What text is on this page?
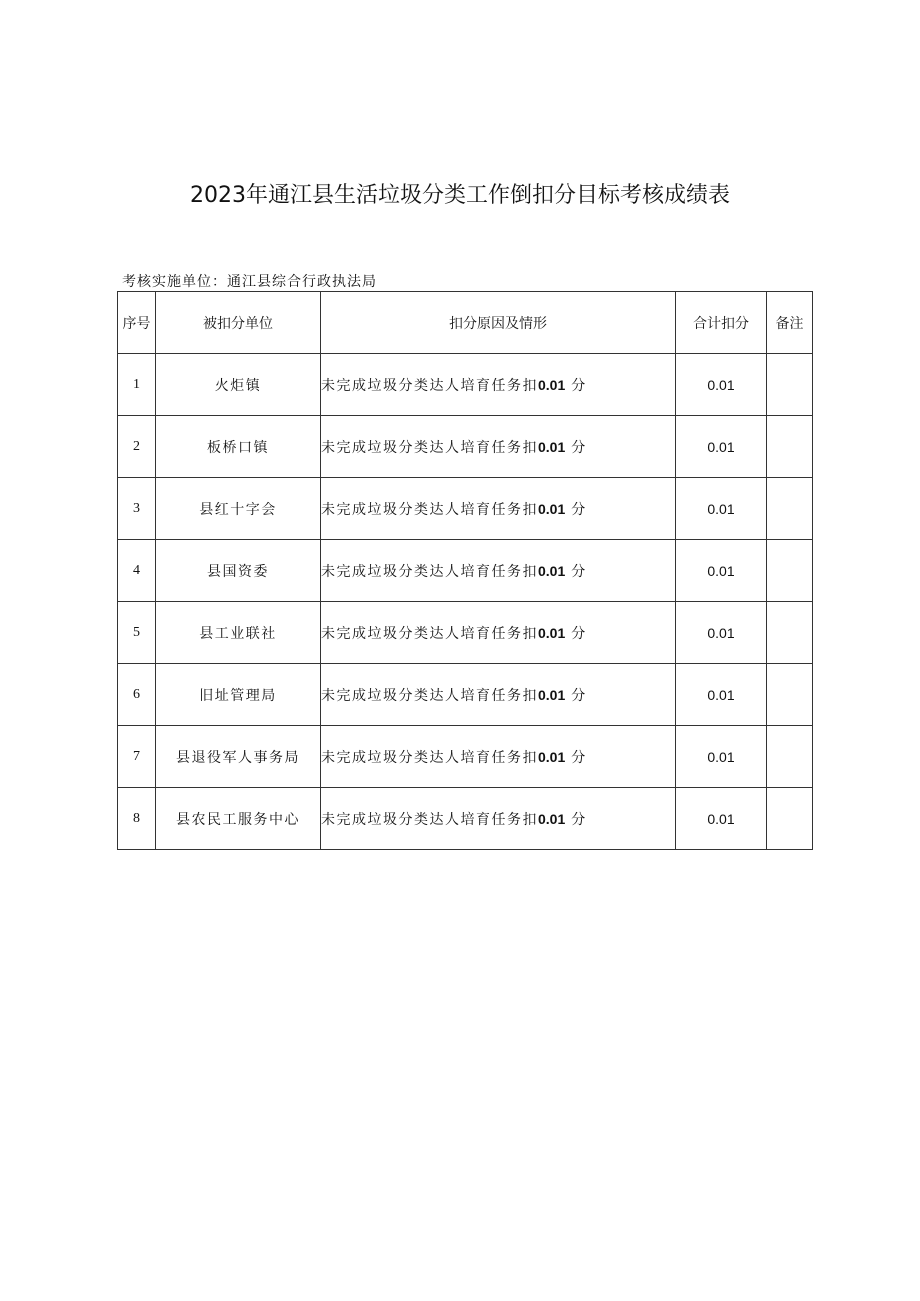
2023年通江县生活垃圾分类工作倒扣分目标考核成绩表
考核实施单位：通江县综合行政执法局
序号	被扣分单位	扣分原因及情形	合计扣分	备注
1	火炬镇	未完成垃圾分类达人培育任务扣0.01 分	0.01	
2	板桥口镇	未完成垃圾分类达人培育任务扣0.01 分	0.01	
3	县红十字会	未完成垃圾分类达人培育任务扣0.01 分	0.01	
4	县国资委	未完成垃圾分类达人培育任务扣0.01 分	0.01	
5	县工业联社	未完成垃圾分类达人培育任务扣0.01 分	0.01	
6	旧址管理局	未完成垃圾分类达人培育任务扣0.01 分	0.01	
7	县退役军人事务局	未完成垃圾分类达人培育任务扣0.01 分	0.01	
8	县农民工服务中心	未完成垃圾分类达人培育任务扣0.01 分	0.01	
